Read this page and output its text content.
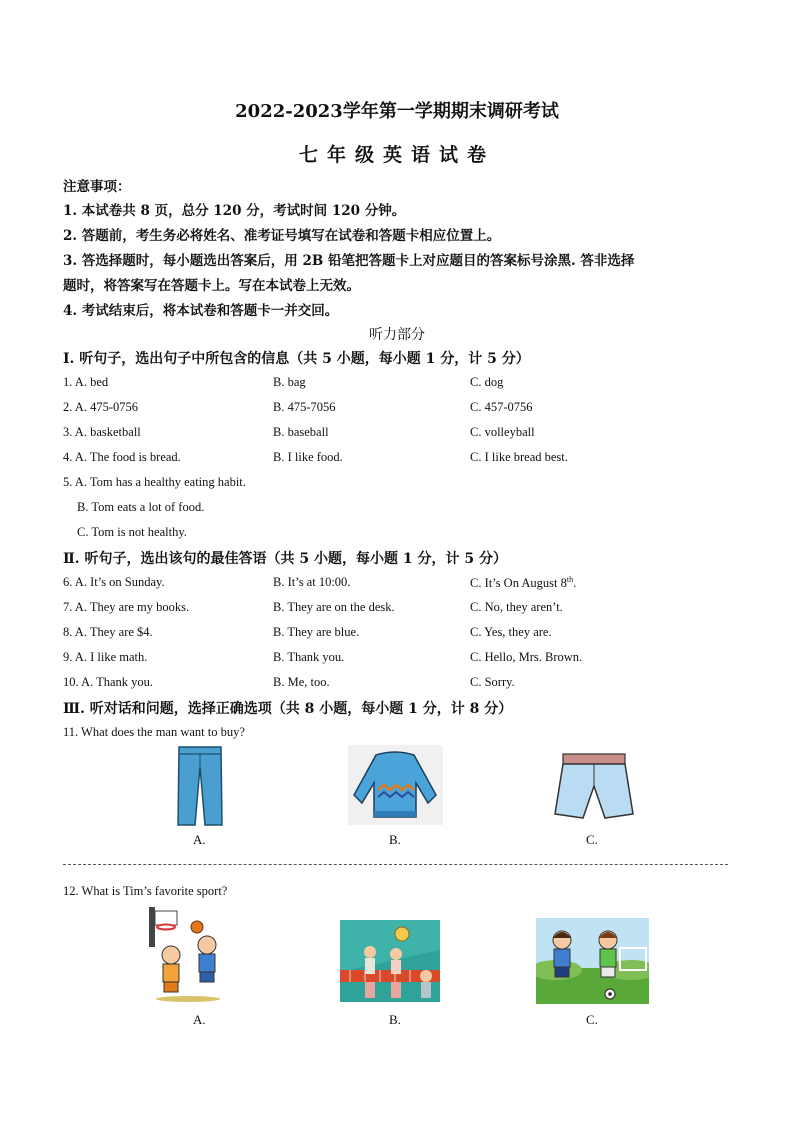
2022-2023学年第一学期期末调研考试
七年级英语试卷
注意事项：
1. 本试卷共 8 页，总分 120 分，考试时间 120 分钟。
2. 答题前，考生务必将姓名、准考证号填写在试卷和答题卡相应位置上。
3. 答选择题时，每小题选出答案后，用 2B 铅笔把答题卡上对应题目的答案标号涂黑. 答非选择
题时，将答案写在答题卡上。写在本试卷上无效。
4. 考试结束后，将本试卷和答题卡一并交回。
听力部分
Ⅰ. 听句子，选出句子中所包含的信息（共 5 小题，每小题 1 分，计 5 分）
1. A. bed	B. bag	C. dog
2. A. 475-0756	B. 475-7056	C. 457-0756
3. A. basketball	B. baseball	C. volleyball
4. A. The food is bread.	B. I like food.	C. I like bread best.
5. A. Tom has a healthy eating habit.
B. Tom eats a lot of food.
C. Tom is not healthy.
Ⅱ. 听句子，选出该句的最佳答语（共 5 小题，每小题 1 分，计 5 分）
6. A. It’s on Sunday.	B. It’s at 10:00.	C. It’s On August 8th.
7. A. They are my books.	B. They are on the desk.	C. No, they aren’t.
8. A. They are $4.	B. They are blue.	C. Yes, they are.
9. A. I like math.	B. Thank you.	C. Hello, Mrs. Brown.
10. A. Thank you.	B. Me, too.	C. Sorry.
Ⅲ. 听对话和问题，选择正确选项（共 8 小题，每小题 1 分，计 8 分）
11. What does the man want to buy?
A.	B.	C.
12. What is Tim’s favorite sport?
A.	B.	C.
